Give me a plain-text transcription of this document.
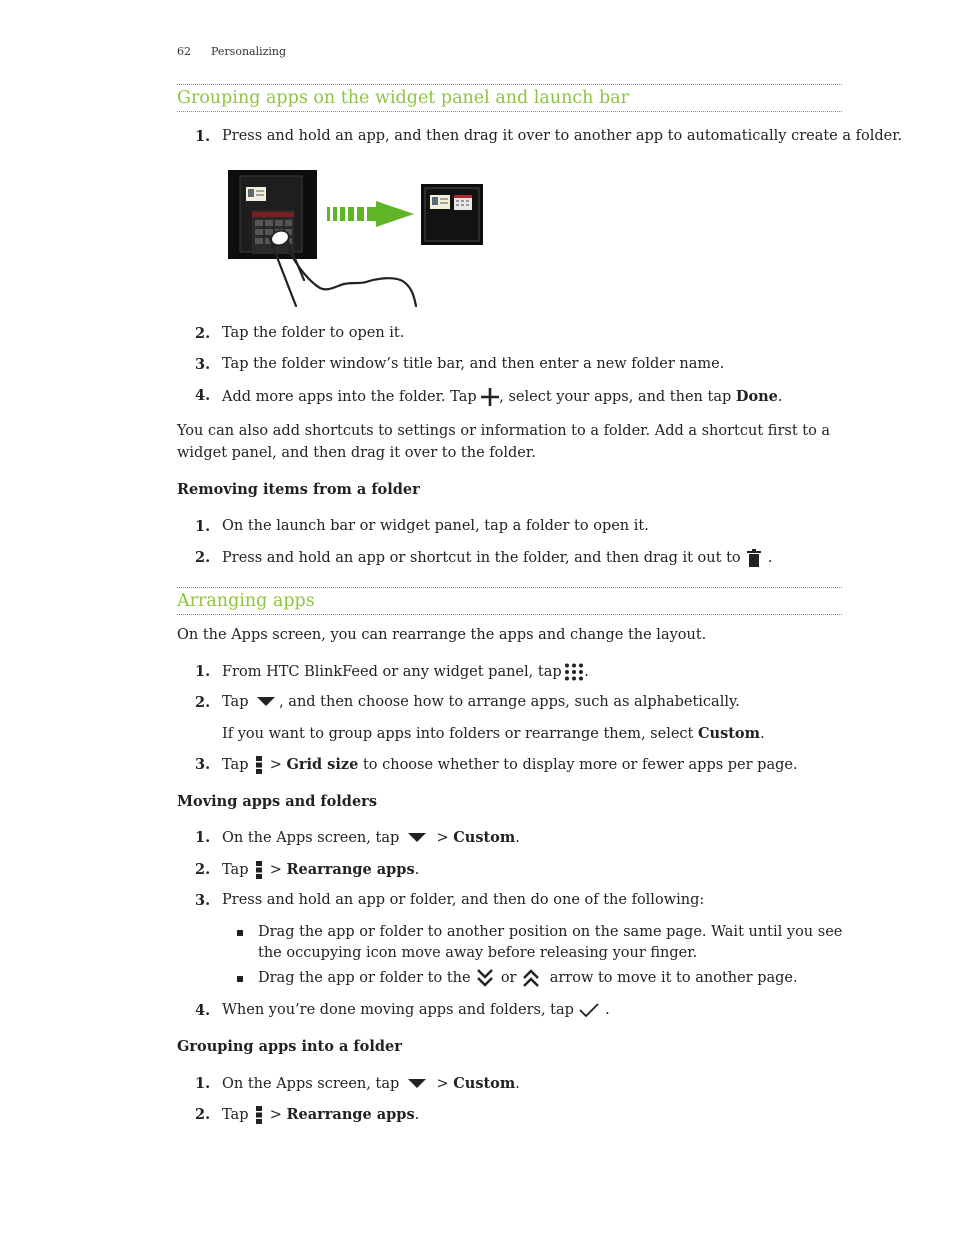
62 Personalizing
Grouping apps on the widget panel and launch bar
1. Press and hold an app, and then drag it over to another app to automatically create a folder.
2. Tap the folder to open it.
3. Tap the folder window’s title bar, and then enter a new folder name.
4. Add more apps into the folder. Tap , select your apps, and then tap Done.
You can also add shortcuts to settings or information to a folder. Add a shortcut first to a widget panel, and then drag it over to the folder.
Removing items from a folder
1. On the launch bar or widget panel, tap a folder to open it.
2. Press and hold an app or shortcut in the folder, and then drag it out to .
Arranging apps
On the Apps screen, you can rearrange the apps and change the layout.
1. From HTC BlinkFeed or any widget panel, tap .
2. Tap , and then choose how to arrange apps, such as alphabetically.
If you want to group apps into folders or rearrange them, select Custom.
3. Tap > Grid size to choose whether to display more or fewer apps per page.
Moving apps and folders
1. On the Apps screen, tap	> Custom.
2. Tap > Rearrange apps.
3. Press and hold an app or folder, and then do one of the following:
Drag the app or folder to another position on the same page. Wait until you see the occupying icon move away before releasing your finger.
Drag the app or folder to the or arrow to move it to another page.
4. When you’re done moving apps and folders, tap .
Grouping apps into a folder
1. On the Apps screen, tap	> Custom.
2. Tap > Rearrange apps.
